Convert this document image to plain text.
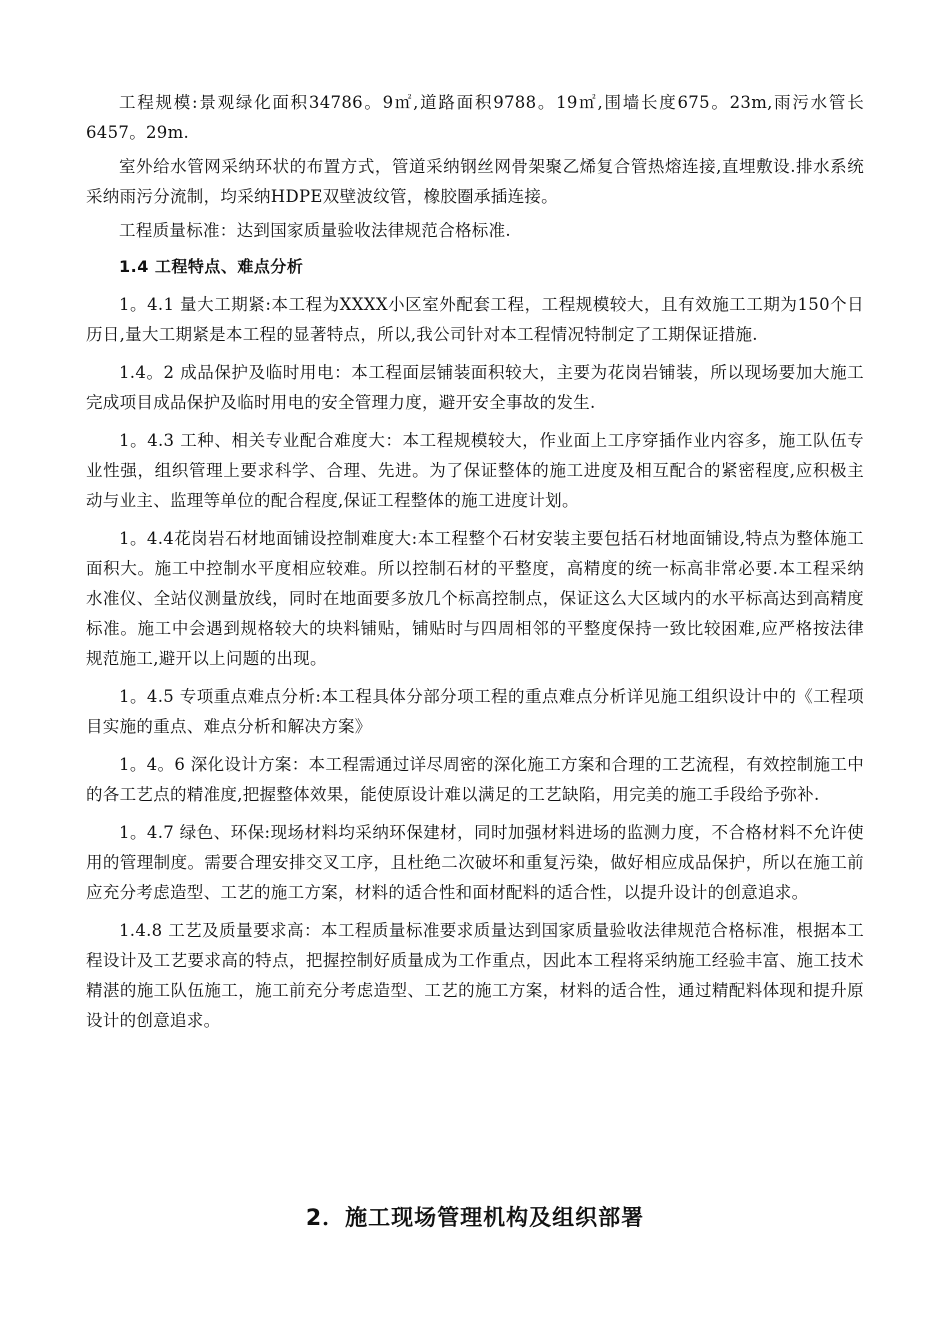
工程规模:景观绿化面积34786。9㎡,道路面积9788。19㎡,围墙长度675。23m,雨污水管长6457。29m.

室外给水管网采纳环状的布置方式，管道采纳钢丝网骨架聚乙烯复合管热熔连接,直埋敷设.排水系统采纳雨污分流制，均采纳HDPE双壁波纹管，橡胶圈承插连接。

工程质量标准：达到国家质量验收法律规范合格标准.

1.4 工程特点、难点分析

1。4.1 量大工期紧:本工程为XXXX小区室外配套工程，工程规模较大，且有效施工工期为150个日历日,量大工期紧是本工程的显著特点，所以,我公司针对本工程情况特制定了工期保证措施.

1.4。2 成品保护及临时用电：本工程面层铺装面积较大，主要为花岗岩铺装，所以现场要加大施工完成项目成品保护及临时用电的安全管理力度，避开安全事故的发生.

1。4.3 工种、相关专业配合难度大：本工程规模较大，作业面上工序穿插作业内容多，施工队伍专业性强，组织管理上要求科学、合理、先进。为了保证整体的施工进度及相互配合的紧密程度,应积极主动与业主、监理等单位的配合程度,保证工程整体的施工进度计划。

1。4.4花岗岩石材地面铺设控制难度大:本工程整个石材安装主要包括石材地面铺设,特点为整体施工面积大。施工中控制水平度相应较难。所以控制石材的平整度，高精度的统一标高非常必要.本工程采纳水准仪、全站仪测量放线，同时在地面要多放几个标高控制点，保证这么大区域内的水平标高达到高精度标准。施工中会遇到规格较大的块料铺贴，铺贴时与四周相邻的平整度保持一致比较困难,应严格按法律规范施工,避开以上问题的出现。

1。4.5 专项重点难点分析:本工程具体分部分项工程的重点难点分析详见施工组织设计中的《工程项目实施的重点、难点分析和解决方案》

1。4。6 深化设计方案：本工程需通过详尽周密的深化施工方案和合理的工艺流程，有效控制施工中的各工艺点的精准度,把握整体效果，能使原设计难以满足的工艺缺陷，用完美的施工手段给予弥补.

1。4.7 绿色、环保:现场材料均采纳环保建材，同时加强材料进场的监测力度，不合格材料不允许使用的管理制度。需要合理安排交叉工序，且杜绝二次破坏和重复污染，做好相应成品保护，所以在施工前应充分考虑造型、工艺的施工方案，材料的适合性和面材配料的适合性，以提升设计的创意追求。

1.4.8 工艺及质量要求高：本工程质量标准要求质量达到国家质量验收法律规范合格标准，根据本工程设计及工艺要求高的特点，把握控制好质量成为工作重点，因此本工程将采纳施工经验丰富、施工技术精湛的施工队伍施工，施工前充分考虑造型、工艺的施工方案，材料的适合性，通过精配料体现和提升原设计的创意追求。

2．施工现场管理机构及组织部署
